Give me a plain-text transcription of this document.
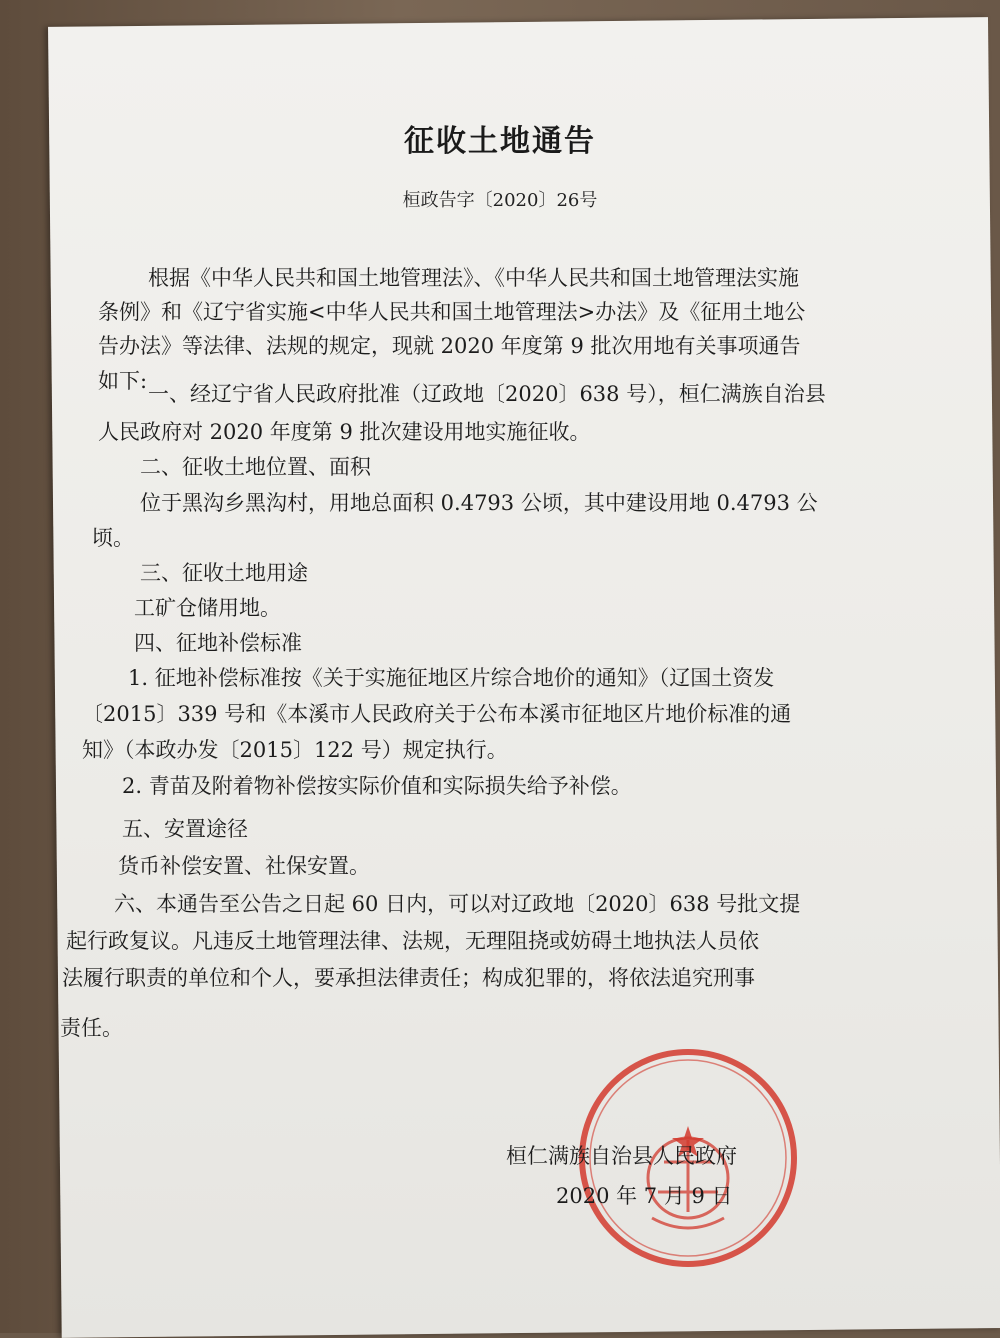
征收土地通告
桓政告字〔2020〕26号
根据《中华人民共和国土地管理法》、《中华人民共和国土地管理法实施
条例》和《辽宁省实施<中华人民共和国土地管理法>办法》及《征用土地公
告办法》等法律、法规的规定，现就 2020 年度第 9 批次用地有关事项通告
如下:
一、经辽宁省人民政府批准（辽政地〔2020〕638 号），桓仁满族自治县
人民政府对 2020 年度第 9 批次建设用地实施征收。
二、征收土地位置、面积
位于黑沟乡黑沟村，用地总面积 0.4793 公顷，其中建设用地 0.4793 公
顷。
三、征收土地用途
工矿仓储用地。
四、征地补偿标准
1. 征地补偿标准按《关于实施征地区片综合地价的通知》（辽国土资发
〔2015〕339 号和《本溪市人民政府关于公布本溪市征地区片地价标准的通
知》（本政办发〔2015〕122 号）规定执行。
2. 青苗及附着物补偿按实际价值和实际损失给予补偿。
五、安置途径
货币补偿安置、社保安置。
六、本通告至公告之日起 60 日内，可以对辽政地〔2020〕638 号批文提
起行政复议。凡违反土地管理法律、法规，无理阻挠或妨碍土地执法人员依
法履行职责的单位和个人，要承担法律责任；构成犯罪的，将依法追究刑事
责任。
桓仁满族自治县人民政府
2020 年 7 月 9 日
